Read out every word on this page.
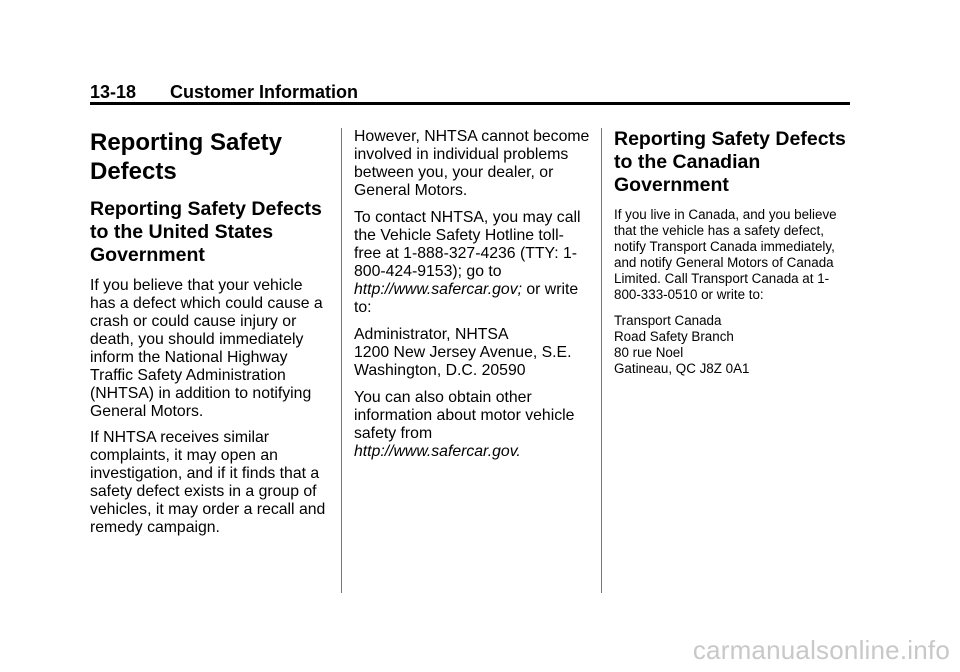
13-18 Customer Information
Reporting Safety Defects
Reporting Safety Defects to the United States Government

If you believe that your vehicle has a defect which could cause a crash or could cause injury or death, you should immediately inform the National Highway Traffic Safety Administration (NHTSA) in addition to notifying General Motors.

If NHTSA receives similar complaints, it may open an investigation, and if it finds that a safety defect exists in a group of vehicles, it may order a recall and remedy campaign.

However, NHTSA cannot become involved in individual problems between you, your dealer, or General Motors.

To contact NHTSA, you may call the Vehicle Safety Hotline toll-free at 1-888-327-4236 (TTY: 1-800-424-9153); go to http://www.safercar.gov; or write to:

Administrator, NHTSA
1200 New Jersey Avenue, S.E.
Washington, D.C. 20590

You can also obtain other information about motor vehicle safety from
http://www.safercar.gov.

Reporting Safety Defects to the Canadian Government

If you live in Canada, and you believe that the vehicle has a safety defect, notify Transport Canada immediately, and notify General Motors of Canada Limited. Call Transport Canada at 1-800-333-0510 or write to:

Transport Canada
Road Safety Branch
80 rue Noel
Gatineau, QC J8Z 0A1

carmanualsonline.info
